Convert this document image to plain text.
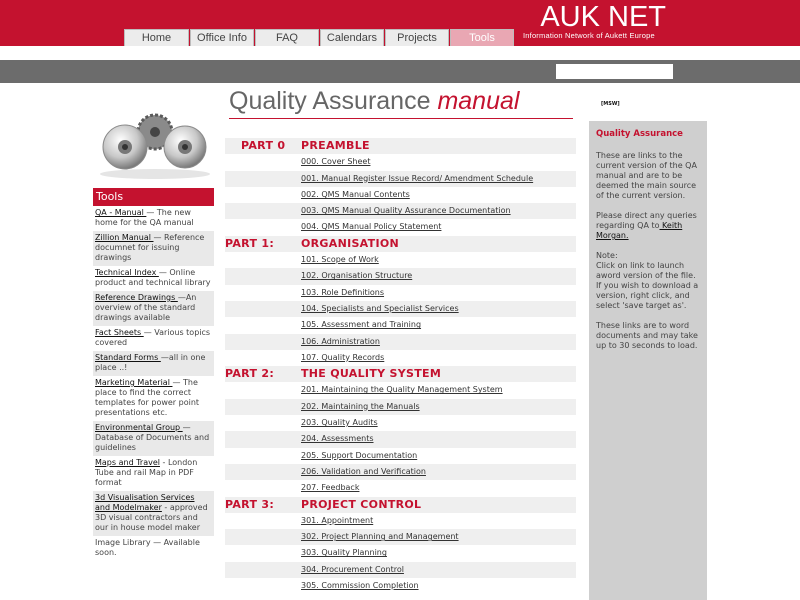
AUK NET
Information Network of Aukett Europe
Home	Office Info	FAQ	Calendars	Projects	Tools
Quality Assurance manual	[MSW]
Tools
QA - Manual — The new home for the QA manual
Zillion Manual — Reference documnet for issuing drawings
Technical Index — Online product and technical library
Reference Drawings —An overview of the standard drawings available
Fact Sheets — Various topics covered
Standard Forms —all in one place ..!
Marketing Material — The place to find the correct templates for power point presentations etc.
Environmental Group — Database of Documents and guidelines
Maps and Travel - London Tube and rail Map in PDF format
3d Visualisation Services and Modelmaker - approved 3D visual contractors and our in house model maker
Image Library — Available soon.
PART 0	PREAMBLE
000. Cover Sheet
001. Manual Register Issue Record/ Amendment Schedule
002. QMS Manual Contents
003. QMS Manual Quality Assurance Documentation
004. QMS Manual Policy Statement
PART 1:	ORGANISATION
101. Scope of Work
102. Organisation Structure
103. Role Definitions
104. Specialists and Specialist Services
105. Assessment and Training
106. Administration
107. Quality Records
PART 2:	THE QUALITY SYSTEM
201. Maintaining the Quality Management System
202. Maintaining the Manuals
203. Quality Audits
204. Assessments
205. Support Documentation
206. Validation and Verification
207. Feedback
PART 3:	PROJECT CONTROL
301. Appointment
302. Project Planning and Management
303. Quality Planning
304. Procurement Control
305. Commission Completion
Quality Assurance

These are links to the current version of the QA manual and are to be deemed the main source of the current version.

Please direct any queries regarding QA to Keith Morgan.

Note:
Click on link to launch aword version of the file. If you wish to download a version, right click, and select 'save target as'.

These links are to word documents and may take up to 30 seconds to load.
